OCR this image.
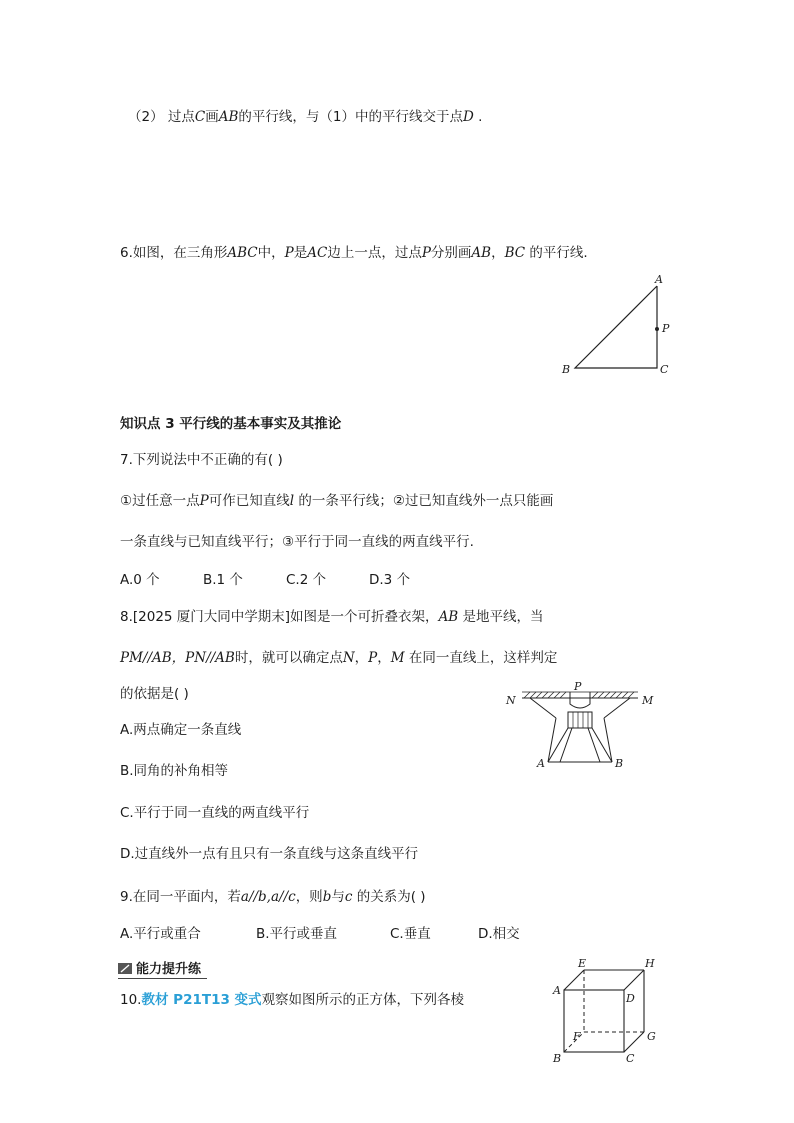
（2） 过点C画AB的平行线，与（1）中的平行线交于点D .
6.如图，在三角形ABC中，P是AC边上一点，过点P分别画AB，BC 的平行线.
A
P
B	C
知识点 3 平行线的基本事实及其推论
7.下列说法中不正确的有( )
①过任意一点P可作已知直线l 的一条平行线；②过已知直线外一点只能画
一条直线与已知直线平行；③平行于同一直线的两直线平行.
A.0 个	B.1 个	C.2 个	D.3 个
8.[2025 厦门大同中学期末]如图是一个可折叠衣架，AB 是地平线，当
PM//AB，PN//AB时，就可以确定点N，P，M 在同一直线上，这样判定
的依据是( )
A.两点确定一条直线
B.同角的补角相等
C.平行于同一直线的两直线平行
D.过直线外一点有且只有一条直线与这条直线平行
N
P
M
A	B
9.在同一平面内，若a//b,a//c，则b与c 的关系为( )
A.平行或重合	B.平行或垂直	C.垂直	D.相交
能力提升练
10.教材 P21T13 变式观察如图所示的正方体，下列各棱
E	H
A
D
F	G
B	C
